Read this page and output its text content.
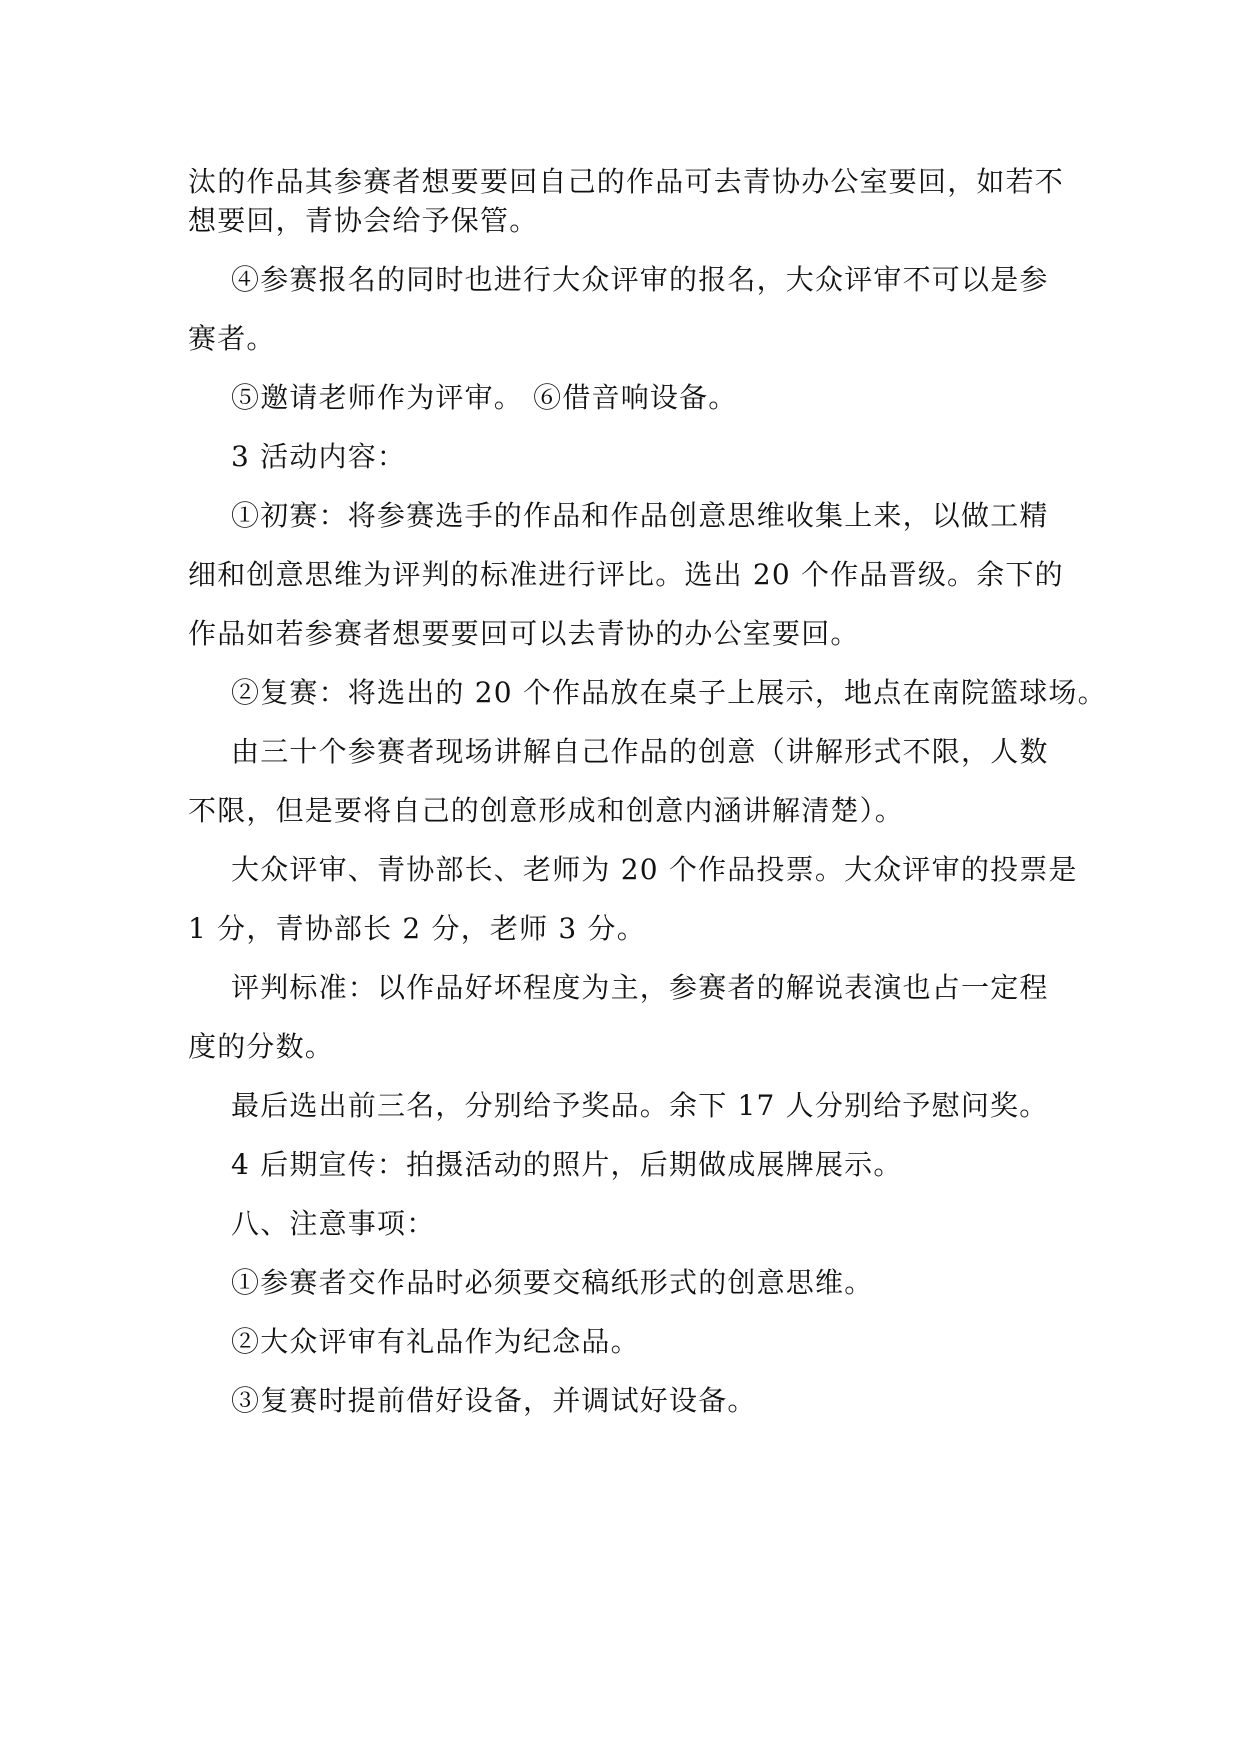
汰的作品其参赛者想要要回自己的作品可去青协办公室要回，如若不
想要回，青协会给予保管。
④参赛报名的同时也进行大众评审的报名，大众评审不可以是参
赛者。
⑤邀请老师作为评审。 ⑥借音响设备。
3 活动内容：
①初赛：将参赛选手的作品和作品创意思维收集上来，以做工精
细和创意思维为评判的标准进行评比。选出 20 个作品晋级。余下的
作品如若参赛者想要要回可以去青协的办公室要回。
②复赛：将选出的 20 个作品放在桌子上展示，地点在南院篮球场。
由三十个参赛者现场讲解自己作品的创意（讲解形式不限，人数
不限，但是要将自己的创意形成和创意内涵讲解清楚）。
大众评审、青协部长、老师为 20 个作品投票。大众评审的投票是
1 分，青协部长 2 分，老师 3 分。
评判标准：以作品好坏程度为主，参赛者的解说表演也占一定程
度的分数。
最后选出前三名，分别给予奖品。余下 17 人分别给予慰问奖。
4 后期宣传：拍摄活动的照片，后期做成展牌展示。
八、注意事项：
①参赛者交作品时必须要交稿纸形式的创意思维。
②大众评审有礼品作为纪念品。
③复赛时提前借好设备，并调试好设备。
